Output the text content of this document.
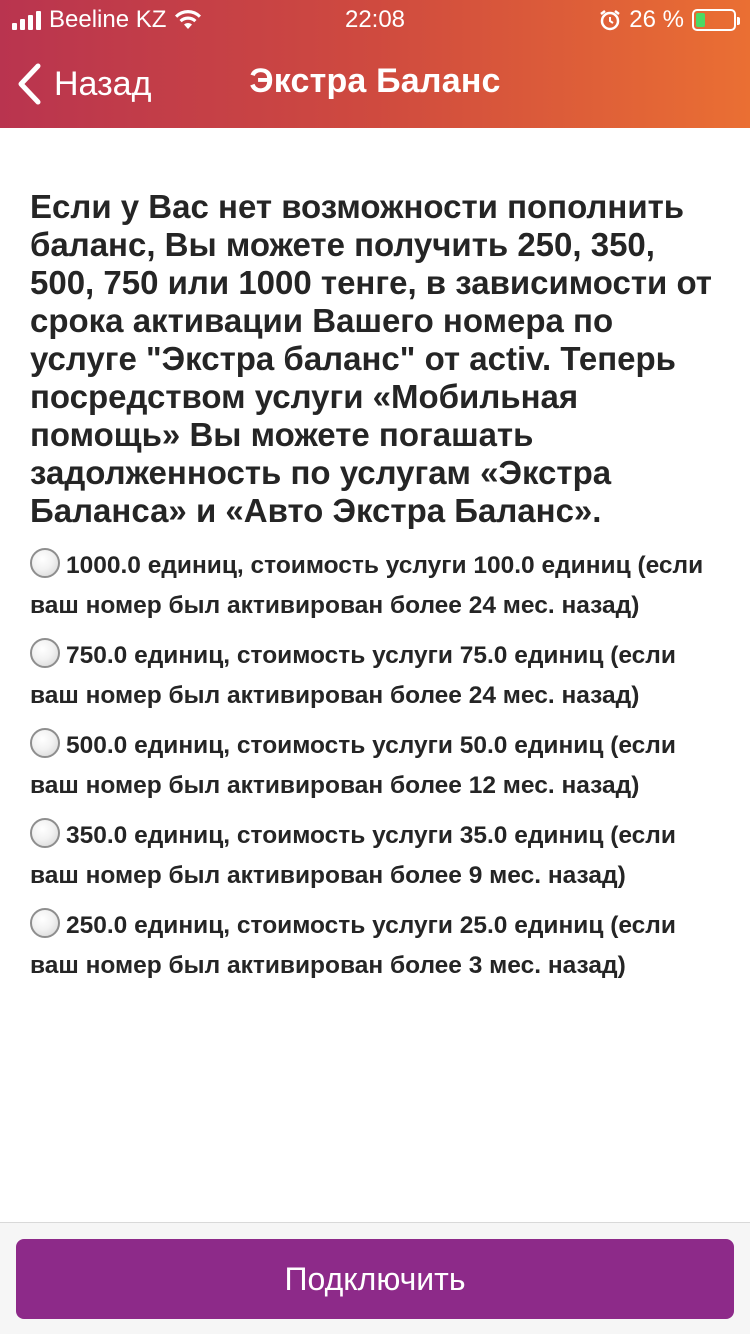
Beeline KZ	22:08	26 %
Назад	Экстра Баланс

Если у Вас нет возможности пополнить баланс, Вы можете получить 250, 350, 500, 750 или 1000 тенге, в зависимости от срока активации Вашего номера по услуге "Экстра баланс" от activ. Теперь посредством услуги «Мобильная помощь» Вы можете погашать задолженность по услугам «Экстра Баланса» и «Авто Экстра Баланс».

1000.0 единиц, стоимость услуги 100.0 единиц (если ваш номер был активирован более 24 мес. назад)
750.0 единиц, стоимость услуги 75.0 единиц (если ваш номер был активирован более 24 мес. назад)
500.0 единиц, стоимость услуги 50.0 единиц (если ваш номер был активирован более 12 мес. назад)
350.0 единиц, стоимость услуги 35.0 единиц (если ваш номер был активирован более 9 мес. назад)
250.0 единиц, стоимость услуги 25.0 единиц (если ваш номер был активирован более 3 мес. назад)
Подключить
